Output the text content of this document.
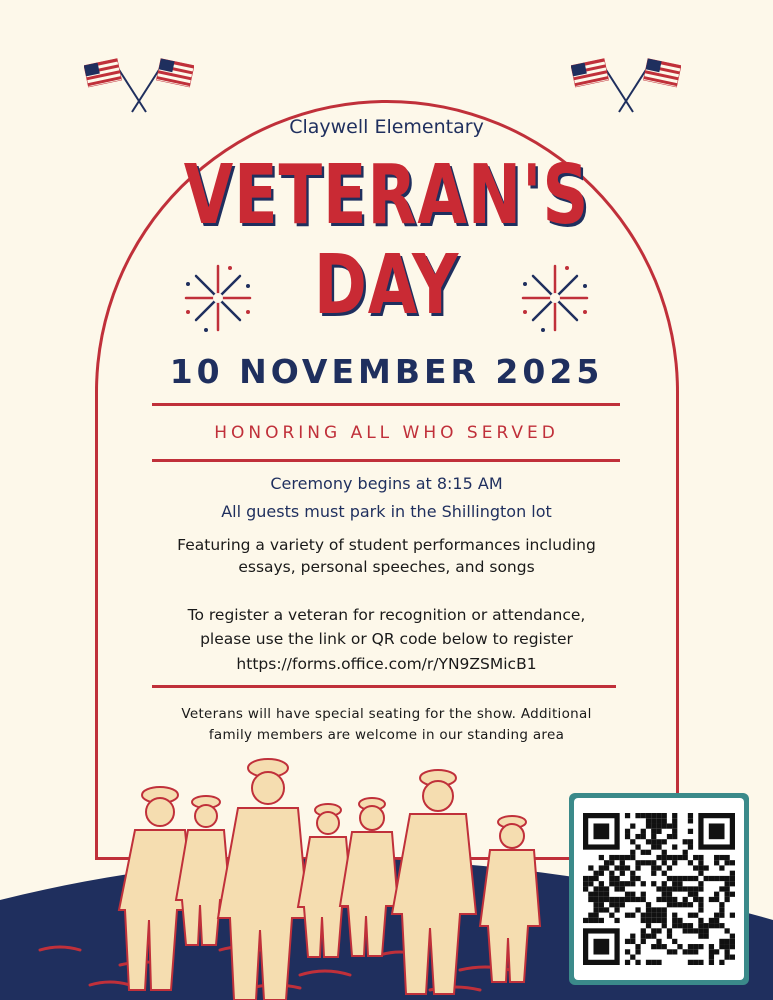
Claywell Elementary
VETERAN'S
DAY
10 NOVEMBER 2025
HONORING ALL WHO SERVED
Ceremony begins at 8:15 AM
All guests must park in the Shillington lot
Featuring a variety of student performances including
essays, personal speeches, and songs
To register a veteran for recognition or attendance,
please use the link or QR code below to register
https://forms.office.com/r/YN9ZSMicB1
Veterans will have special seating for the show. Additional
family members are welcome in our standing area
